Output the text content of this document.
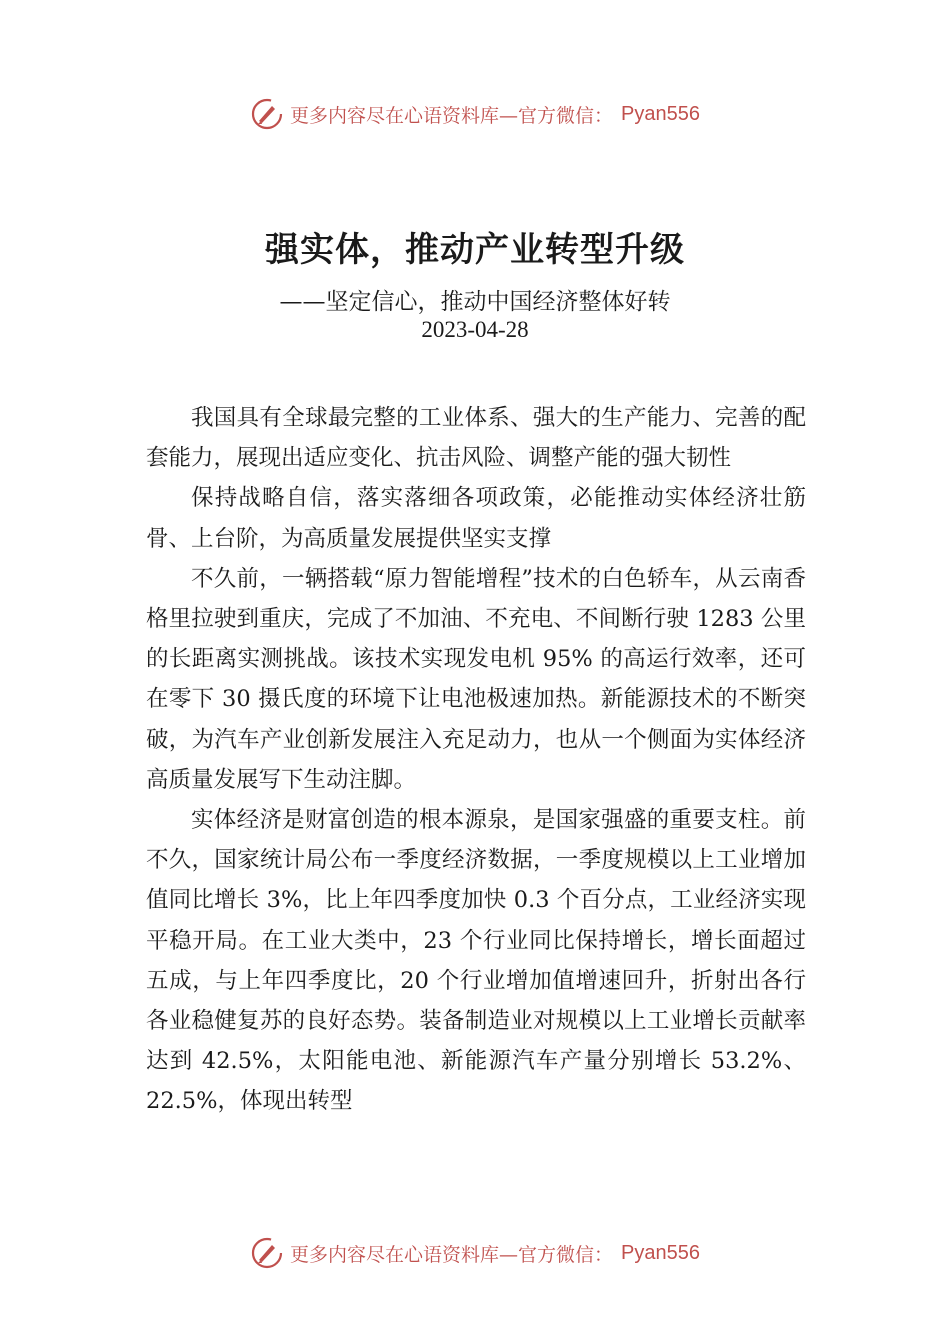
更多内容尽在心语资料库—官方微信： Pyan556
强实体，推动产业转型升级
——坚定信心，推动中国经济整体好转
2023-04-28

我国具有全球最完整的工业体系、强大的生产能力、完善的配套能力，展现出适应变化、抗击风险、调整产能的强大韧性

保持战略自信，落实落细各项政策，必能推动实体经济壮筋骨、上台阶，为高质量发展提供坚实支撑

不久前，一辆搭载“原力智能增程”技术的白色轿车，从云南香格里拉驶到重庆，完成了不加油、不充电、不间断行驶 1283 公里的长距离实测挑战。该技术实现发电机 95% 的高运行效率，还可在零下 30 摄氏度的环境下让电池极速加热。新能源技术的不断突破，为汽车产业创新发展注入充足动力，也从一个侧面为实体经济高质量发展写下生动注脚。

实体经济是财富创造的根本源泉，是国家强盛的重要支柱。前不久，国家统计局公布一季度经济数据，一季度规模以上工业增加值同比增长 3%，比上年四季度加快 0.3 个百分点，工业经济实现平稳开局。在工业大类中，23 个行业同比保持增长，增长面超过五成，与上年四季度比，20 个行业增加值增速回升，折射出各行各业稳健复苏的良好态势。装备制造业对规模以上工业增长贡献率达到 42.5%，太阳能电池、新能源汽车产量分别增长 53.2%、22.5%，体现出转型

更多内容尽在心语资料库—官方微信： Pyan556
